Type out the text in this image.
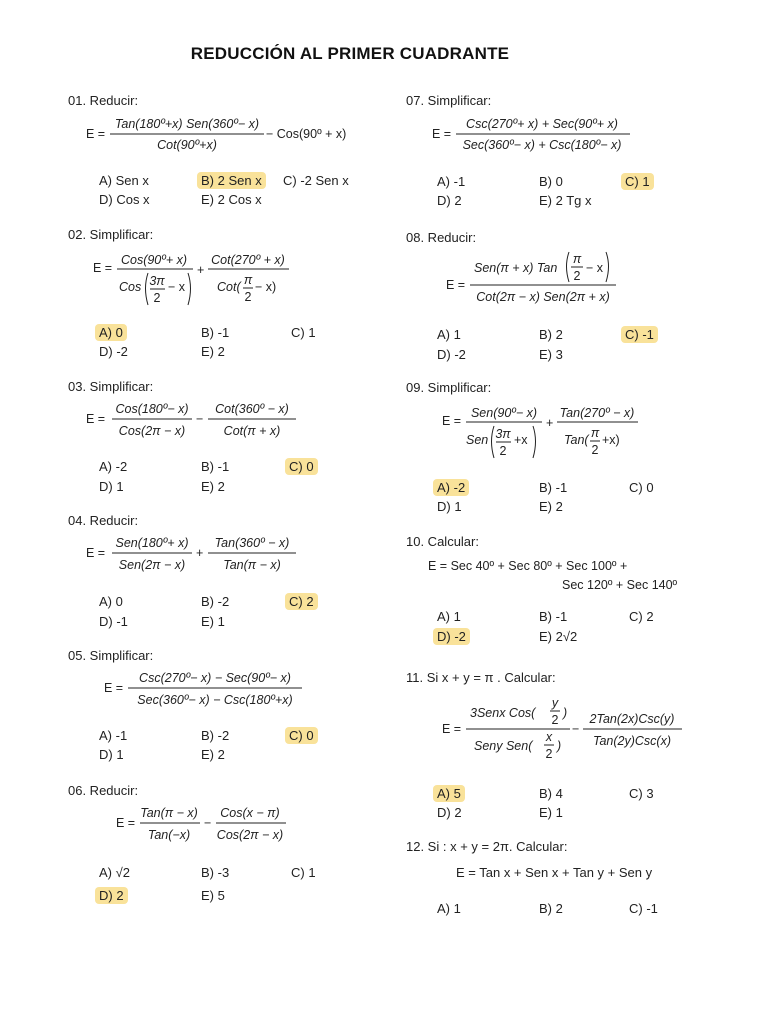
REDUCCIÓN AL PRIMER CUADRANTE
01. Reducir:
E =
Tan(180º+x) Sen(360º− x)
Cot(90º+x)
− Cos(90º + x)
A) Sen x	B) 2 Sen x	C) -2 Sen x
D) Cos x	E) 2 Cos x
02. Simplificar:
E =
Cos(90º+ x)
Cos 3π
2
− x
+
Cot(270º + x)
Cot( π
2
− x)
A) 0	B) -1	C) 1
D) -2	E) 2
03. Simplificar:
E =
Cos(180º− x)
Cos(2π − x)
−
Cot(360º − x)
Cot(π + x)
A) -2	B) -1	C) 0
D) 1	E) 2
04. Reducir:
E =
Sen(180º+ x)
Sen(2π − x)
+
Tan(360º − x)
Tan(π − x)
A) 0	B) -2	C) 2
D) -1	E) 1
05. Simplificar:
E =
Csc(270º− x) − Sec(90º− x)
Sec(360º− x) − Csc(180º+x)
A) -1	B) -2	C) 0
D) 1	E) 2
06. Reducir:
E =
Tan(π − x)
Tan(−x)
−
Cos(x − π)
Cos(2π − x)
A) √2	B) -3	C) 1
D) 2	E) 5
07. Simplificar:
E =
Csc(270º+ x) + Sec(90º+ x)
Sec(360º− x) + Csc(180º− x)
A) -1	B) 0	C) 1
D) 2	E) 2 Tg x
08. Reducir:
E =
Sen(π + x) Tan
π
2
− x
Cot(2π − x) Sen(2π + x)
A) 1	B) 2	C) -1
D) -2	E) 3
09. Simplificar:
E =
Sen(90º− x)
Sen 3π
2
+x
+
Tan(270º − x)
Tan( π
2
+x)
A) -2	B) -1	C) 0
D) 1	E) 2
10. Calcular:
E = Sec 40º + Sec 80º + Sec 100º +
Sec 120º + Sec 140º
A) 1	B) -1	C) 2
D) -2	E) 2√2
11. Si x + y = π . Calcular:
E =
3Senx Cos(
y
2 )
Seny Sen(
x
2
)
−
2Tan(2x)Csc(y)
Tan(2y)Csc(x)
A) 5	B) 4	C) 3
D) 2	E) 1
12. Si : x + y = 2π. Calcular:
E = Tan x + Sen x + Tan y + Sen y
A) 1	B) 2	C) -1
